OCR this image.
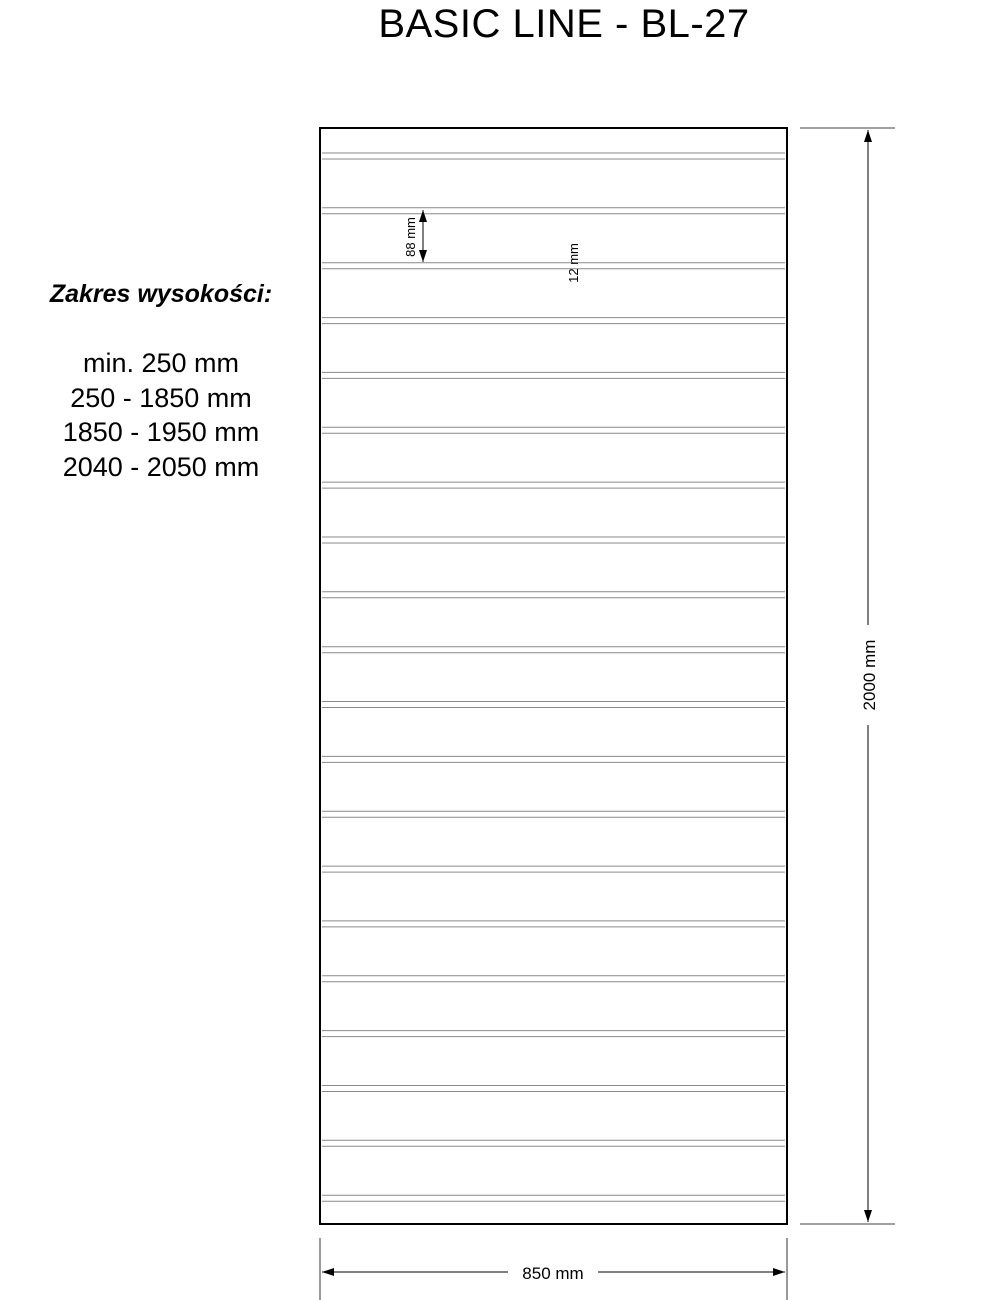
BASIC LINE - BL-27
Zakres wysokości:
min. 250 mm
250 - 1850 mm
1850 - 1950 mm
2040 - 2050 mm
2000 mm
850 mm
88 mm
12 mm
